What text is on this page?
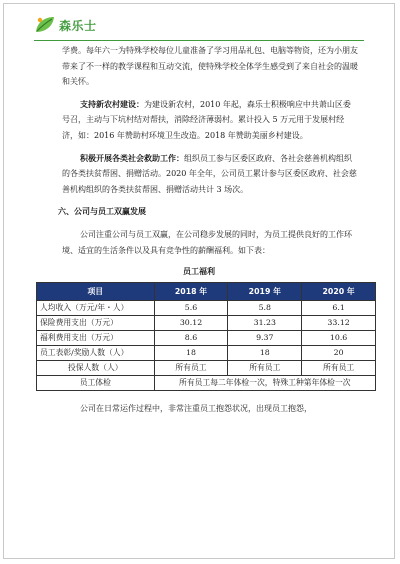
森乐士

学费。每年六一为特殊学校每位儿童准备了学习用品礼包、电脑等物资，还为小朋友带来了不一样的教学课程和互动交流，使特殊学校全体学生感受到了来自社会的温暖和关怀。

支持新农村建设：为建设新农村，2010 年起，森乐士积极响应中共萧山区委号召，主动与下坑村结对帮扶，消除经济薄弱村。累计投入 5 万元用于发展村经济，如：2016 年赞助村环境卫生改造。2018 年赞助美丽乡村建设。

积极开展各类社会救助工作：组织员工参与区委区政府、各社会慈善机构组织的各类扶贫帮困、捐赠活动。2020 年全年，公司员工累计参与区委区政府、社会慈善机构组织的各类扶贫帮困、捐赠活动共计 3 场次。

六、公司与员工双赢发展

公司注重公司与员工双赢，在公司稳步发展的同时，为员工提供良好的工作环境、适宜的生活条件以及具有竞争性的薪酬福利。如下表：

员工福利

项目	2018 年	2019 年	2020 年
人均收入（万元/年・人）	5.6	5.8	6.1
保险费用支出（万元）	30.12	31.23	33.12
福利费用支出（万元）	8.6	9.37	10.6
员工表彰/奖励人数（人）	18	18	20
投保人数（人）	所有员工	所有员工	所有员工
员工体检	所有员工每二年体检一次，特殊工种第年体检一次		

公司在日常运作过程中，非常注重员工抱怨状况，出现员工抱怨，
